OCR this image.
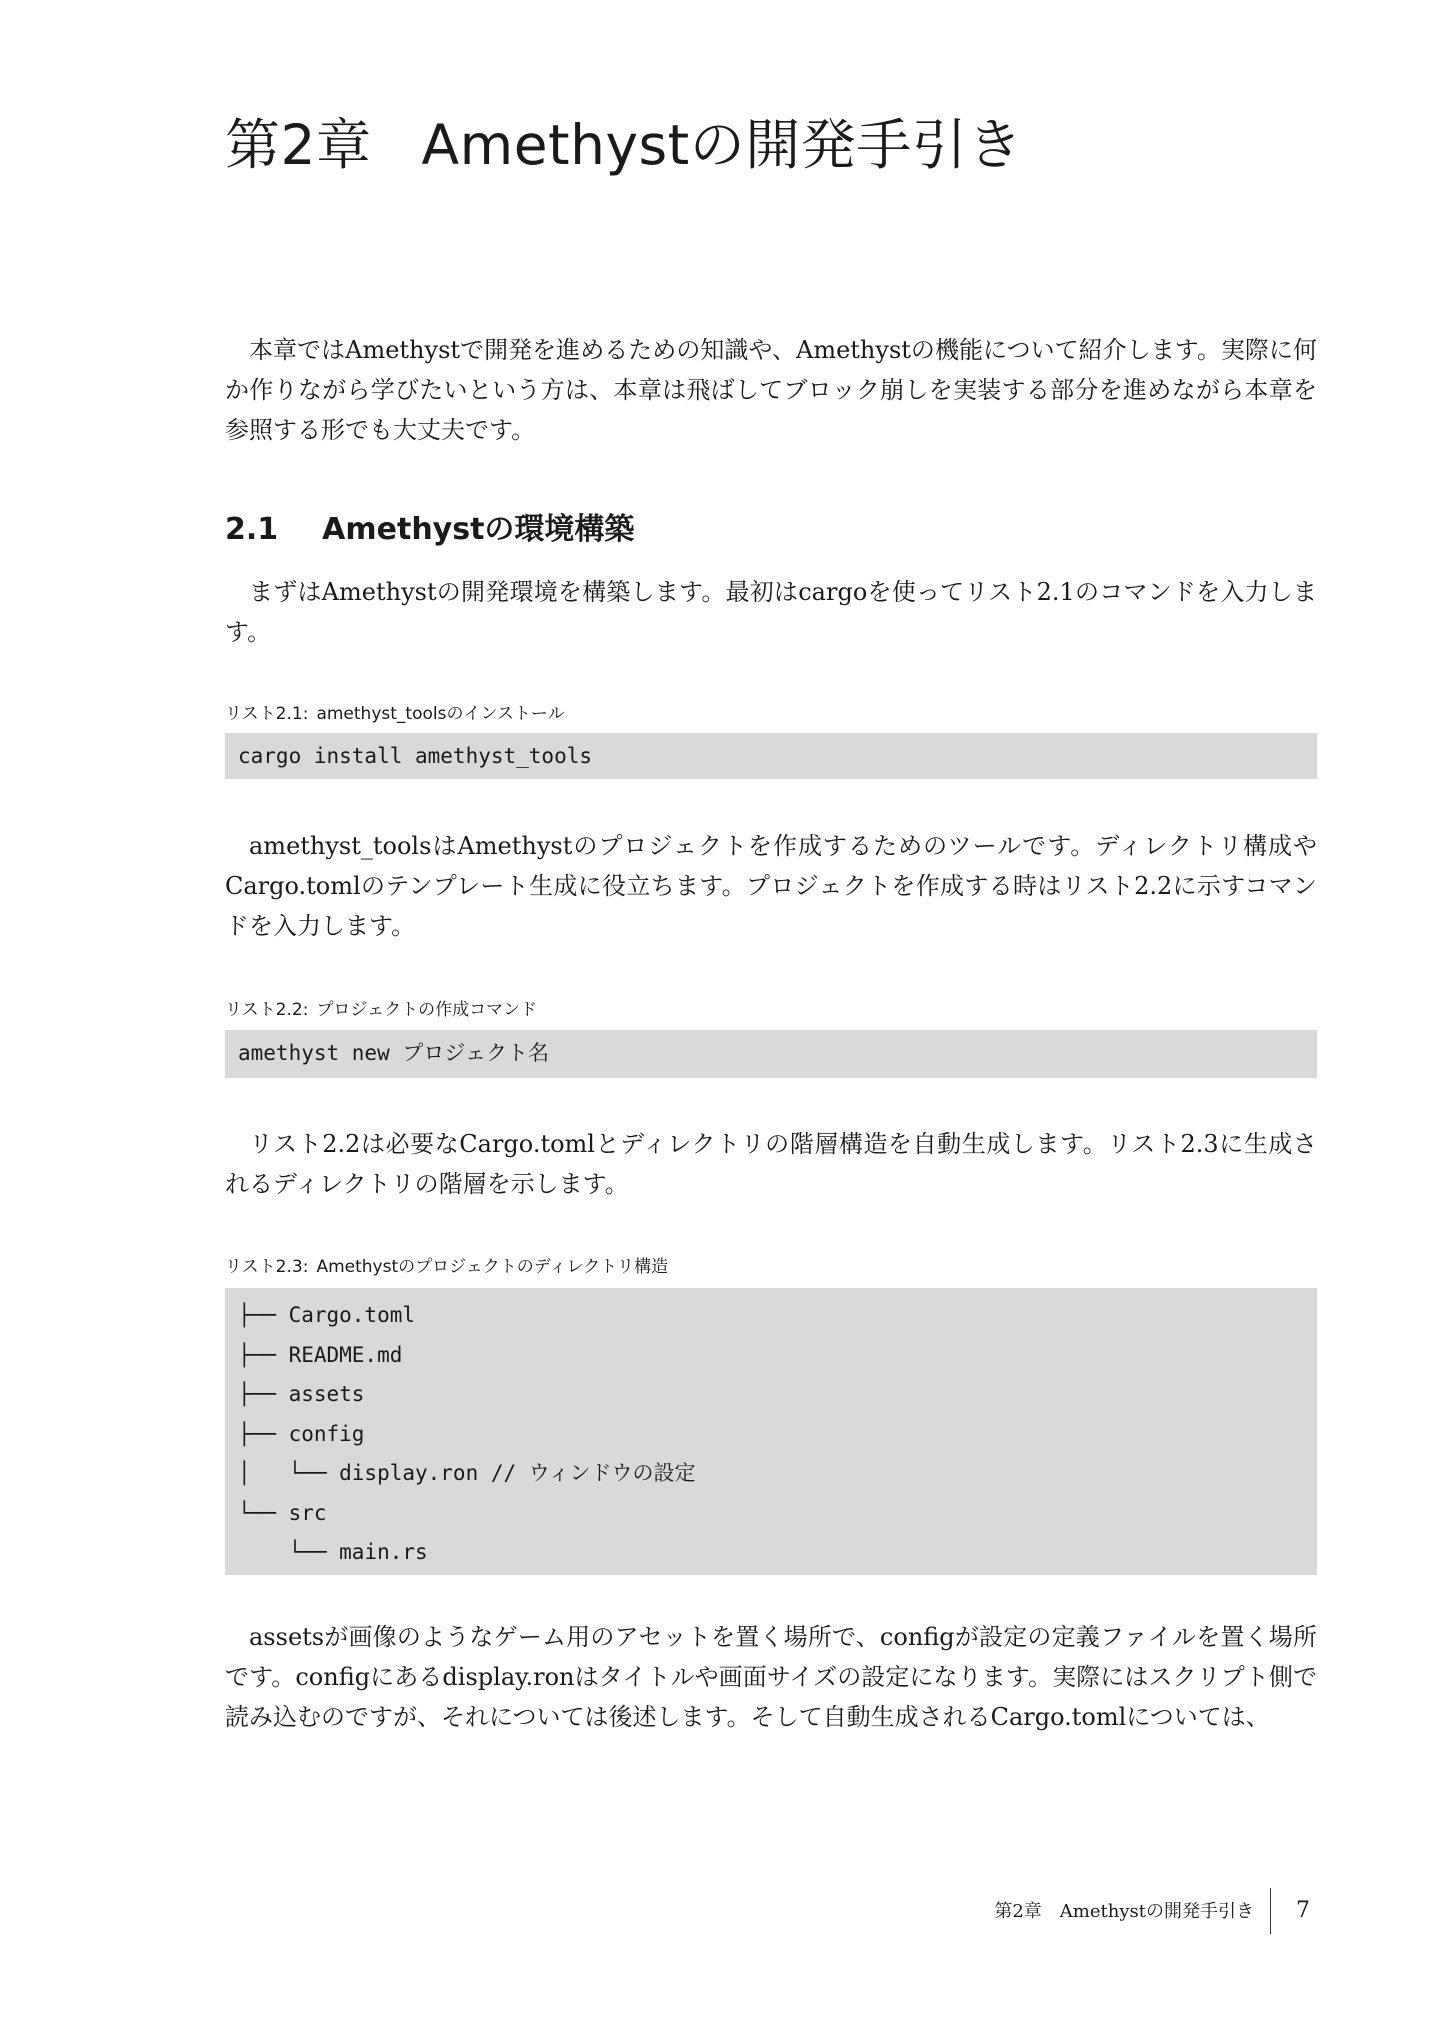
第2章 Amethystの開発手引き

本章ではAmethystで開発を進めるための知識や、Amethystの機能について紹介します。実際に何か作りながら学びたいという方は、本章は飛ばしてブロック崩しを実装する部分を進めながら本章を参照する形でも大丈夫です。

2.1 Amethystの環境構築

まずはAmethystの開発環境を構築します。最初はcargoを使ってリスト2.1のコマンドを入力します。

リスト2.1: amethyst_toolsのインストール

cargo install amethyst_tools

amethyst_toolsはAmethystのプロジェクトを作成するためのツールです。ディレクトリ構成やCargo.tomlのテンプレート生成に役立ちます。プロジェクトを作成する時はリスト2.2に示すコマンドを入力します。

リスト2.2: プロジェクトの作成コマンド

amethyst new プロジェクト名

リスト2.2は必要なCargo.tomlとディレクトリの階層構造を自動生成します。リスト2.3に生成されるディレクトリの階層を示します。

リスト2.3: Amethystのプロジェクトのディレクトリ構造

├── Cargo.toml
├── README.md
├── assets
├── config
│   └── display.ron // ウィンドウの設定
└── src
└── main.rs

assetsが画像のようなゲーム用のアセットを置く場所で、configが設定の定義ファイルを置く場所です。configにあるdisplay.ronはタイトルや画面サイズの設定になります。実際にはスクリプト側で読み込むのですが、それについては後述します。そして自動生成されるCargo.tomlについては、

第2章　Amethystの開発手引き 7
